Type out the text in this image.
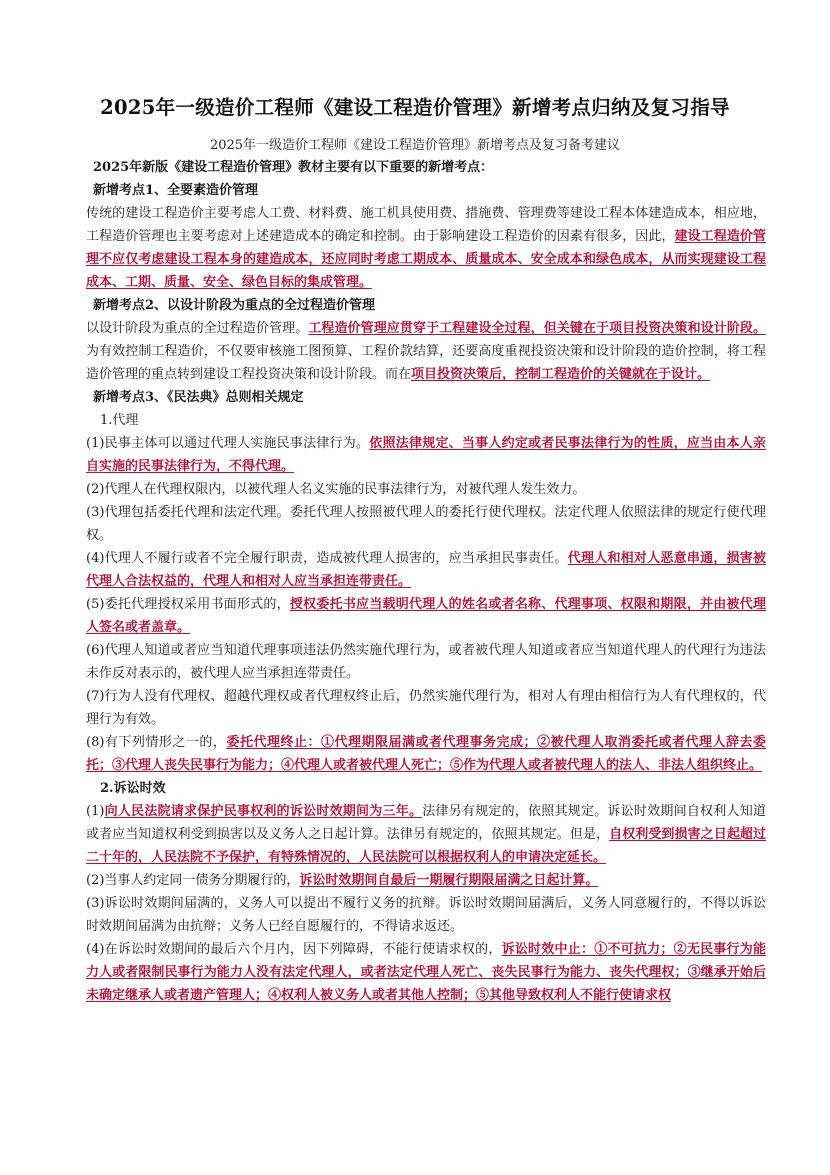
2025年一级造价工程师《建设工程造价管理》新增考点归纳及复习指导
2025年一级造价工程师《建设工程造价管理》新增考点及复习备考建议

2025年新版《建设工程造价管理》教材主要有以下重要的新增考点：

新增考点1、全要素造价管理

传统的建设工程造价主要考虑人工费、材料费、施工机具使用费、措施费、管理费等建设工程本体建造成本，相应地，工程造价管理也主要考虑对上述建造成本的确定和控制。由于影响建设工程造价的因素有很多，因此，建设工程造价管理不应仅考虑建设工程本身的建造成本，还应同时考虑工期成本、质量成本、安全成本和绿色成本，从而实现建设工程成本、工期、质量、安全、绿色目标的集成管理。

新增考点2、以设计阶段为重点的全过程造价管理

以设计阶段为重点的全过程造价管理。工程造价管理应贯穿于工程建设全过程，但关键在于项目投资决策和设计阶段。为有效控制工程造价，不仅要审核施工图预算、工程价款结算，还要高度重视投资决策和设计阶段的造价控制，将工程造价管理的重点转到建设工程投资决策和设计阶段。而在项目投资决策后，控制工程造价的关键就在于设计。

新增考点3、《民法典》总则相关规定

1.代理

(1)民事主体可以通过代理人实施民事法律行为。依照法律规定、当事人约定或者民事法律行为的性质，应当由本人亲自实施的民事法律行为，不得代理。

(2)代理人在代理权限内，以被代理人名义实施的民事法律行为，对被代理人发生效力。

(3)代理包括委托代理和法定代理。委托代理人按照被代理人的委托行使代理权。法定代理人依照法律的规定行使代理权。

(4)代理人不履行或者不完全履行职责，造成被代理人损害的，应当承担民事责任。代理人和相对人恶意串通，损害被代理人合法权益的，代理人和相对人应当承担连带责任。

(5)委托代理授权采用书面形式的，授权委托书应当载明代理人的姓名或者名称、代理事项、权限和期限，并由被代理人签名或者盖章。

(6)代理人知道或者应当知道代理事项违法仍然实施代理行为，或者被代理人知道或者应当知道代理人的代理行为违法未作反对表示的，被代理人应当承担连带责任。

(7)行为人没有代理权、超越代理权或者代理权终止后，仍然实施代理行为，相对人有理由相信行为人有代理权的，代理行为有效。

(8)有下列情形之一的，委托代理终止：①代理期限届满或者代理事务完成；②被代理人取消委托或者代理人辞去委托；③代理人丧失民事行为能力；④代理人或者被代理人死亡；⑤作为代理人或者被代理人的法人、非法人组织终止。

2.诉讼时效

(1)向人民法院请求保护民事权利的诉讼时效期间为三年。法律另有规定的，依照其规定。诉讼时效期间自权利人知道或者应当知道权利受到损害以及义务人之日起计算。法律另有规定的，依照其规定。但是，自权利受到损害之日起超过二十年的，人民法院不予保护，有特殊情况的，人民法院可以根据权利人的申请决定延长。

(2)当事人约定同一债务分期履行的，诉讼时效期间自最后一期履行期限届满之日起计算。

(3)诉讼时效期间届满的，义务人可以提出不履行义务的抗辩。诉讼时效期间届满后，义务人同意履行的，不得以诉讼时效期间届满为由抗辩；义务人已经自愿履行的，不得请求返还。

(4)在诉讼时效期间的最后六个月内，因下列障碍，不能行使请求权的，诉讼时效中止：①不可抗力；②无民事行为能力人或者限制民事行为能力人没有法定代理人，或者法定代理人死亡、丧失民事行为能力、丧失代理权；③继承开始后未确定继承人或者遗产管理人；④权利人被义务人或者其他人控制；⑤其他导致权利人不能行使请求权
